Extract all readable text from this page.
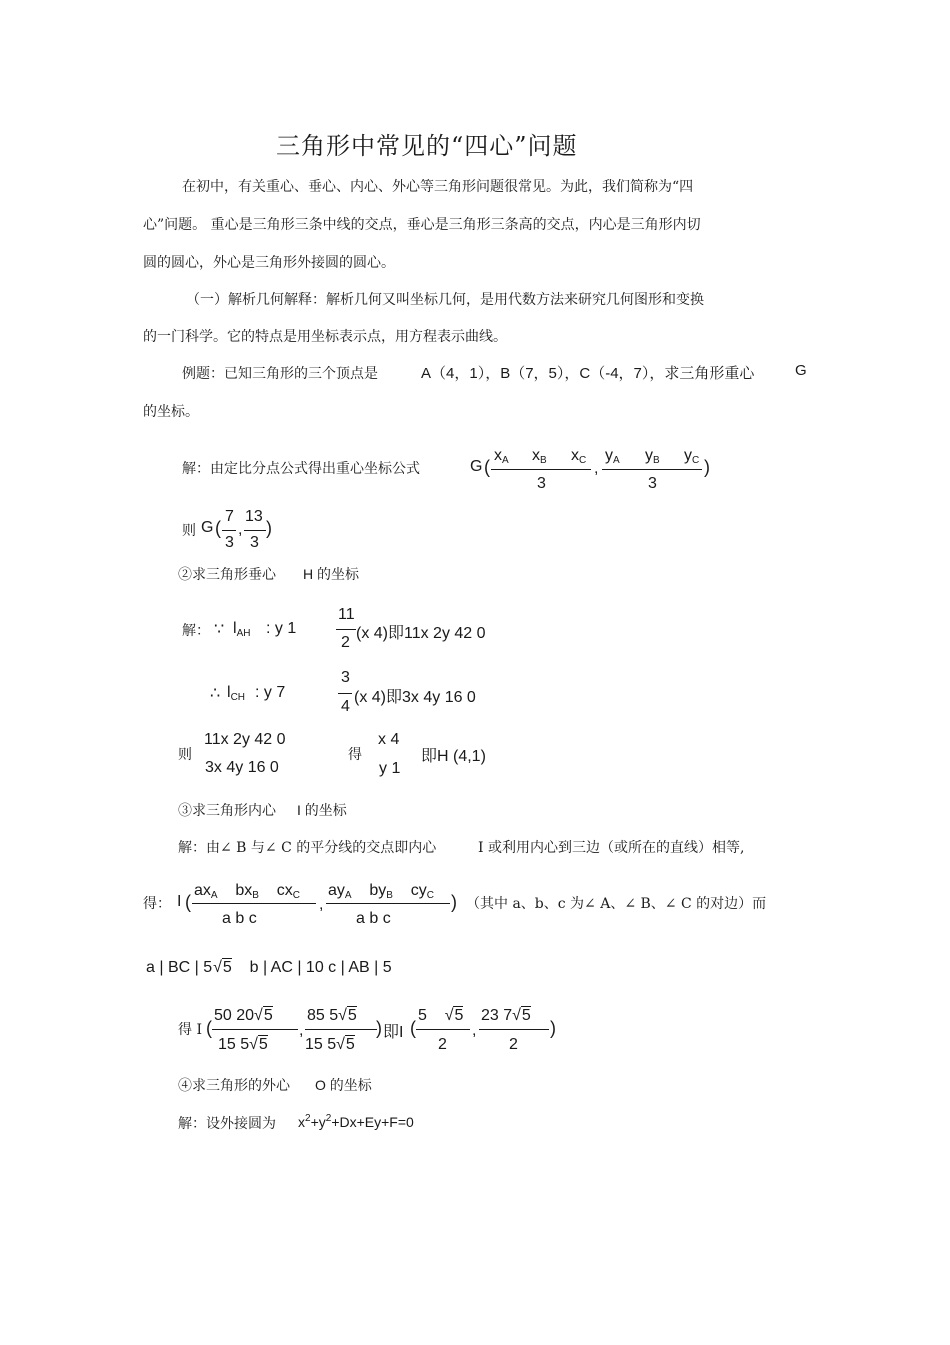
三角形中常见的“四心”问题
在初中，有关重心、垂心、内心、外心等三角形问题很常见。为此，我们简称为“四
心”问题。 重心是三角形三条中线的交点，垂心是三角形三条高的交点，内心是三角形内切
圆的圆心，外心是三角形外接圆的圆心。
（一）解析几何解释：解析几何又叫坐标几何，是用代数方法来研究几何图形和变换
的一门科学。它的特点是用坐标表示点，用方程表示曲线。
例题：已知三角形的三个顶点是	A（4，1），B（7，5），C（-4，7），求三角形重心	G
的坐标。
解：由定比分点公式得出重心坐标公式	G (
$x_A$ $x_B$ $x_C$
3
,
$y_A$ $y_B$ $y_C$
3
)
则 G (
7
3
,
13
3
)
②求三角形垂心 H 的坐标
解： ∵ $l_{AH}$ : y 1
11
2
(x 4)即11x 2y 42 0
∴ $l_{CH}$ : y 7
3
4
(x 4)即3x 4y 16 0
则
11x 2y 42 0
3x 4y 16 0
得
x 4
y 1
即H (4,1)
③求三角形内心 I 的坐标
解：由∠ B 与∠ C 的平分线的交点即内心	I 或利用内心到三边（或所在的直线）相等,
得： I (
$ax_A$ $bx_B$ $cx_C$
a b c
,
$ay_A$ $by_B$ $cy_C$
a b c
) （其中 a、b、c 为∠ A、∠ B、∠ C 的对边）而
a | BC | 5√5 b | AC | 10 c | AB | 5
得 I (
50 20√5
15 5√5
,
85 5√5
15 5√5
) 即I (
5    √5
2
,
23 7√5
2
)
④求三角形的外心 O 的坐标
解：设外接圆为 $x^2+y^2+Dx+Ey+F=0$
